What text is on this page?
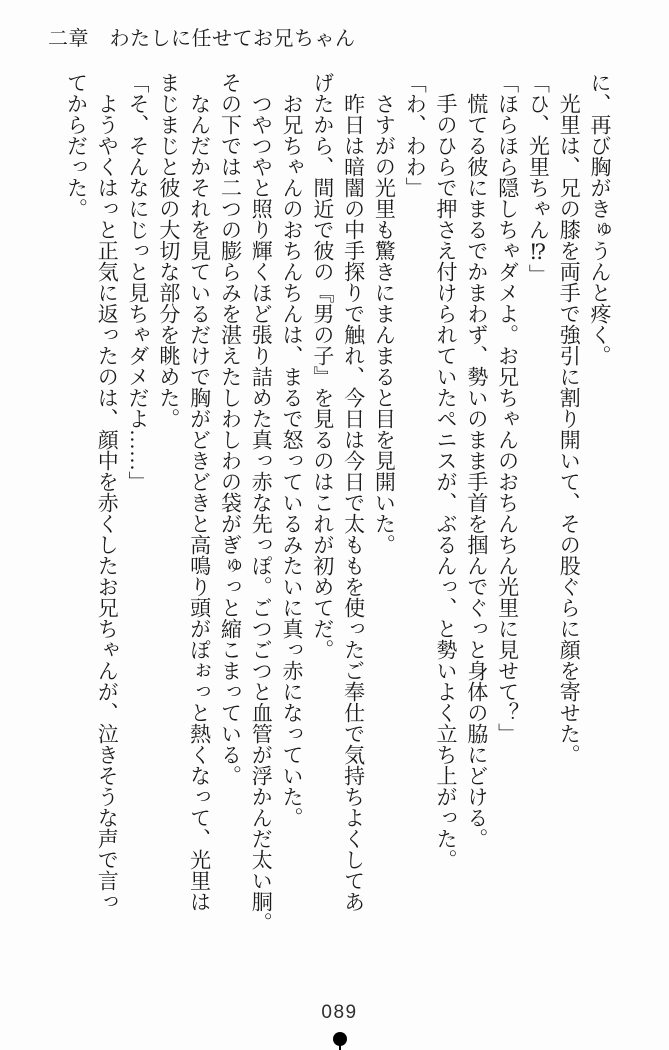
二章　わたしに任せてお兄ちゃん
に、再び胸がきゅうんと疼く。
　光里は、兄の膝を両手で強引に割り開いて、その股ぐらに顔を寄せた。
「ひ、光里ちゃん⁉」
「ほらほら隠しちゃダメよ。お兄ちゃんのおちんちん光里に見せて？」
　慌てる彼にまるでかまわず、勢いのまま手首を掴んでぐっと身体の脇にどける。
　手のひらで押さえ付けられていたペニスが、ぶるんっ、と勢いよく立ち上がった。
「わ、わわ」
　さすがの光里も驚きにまんまると目を見開いた。
　昨日は暗闇の中手探りで触れ、今日は今日で太ももを使ったご奉仕で気持ちよくしてあ
げたから、間近で彼の『男の子』を見るのはこれが初めてだ。
　お兄ちゃんのおちんちんは、まるで怒っているみたいに真っ赤になっていた。
　つやつやと照り輝くほど張り詰めた真っ赤な先っぽ。ごつごつと血管が浮かんだ太い胴。
その下では二つの膨らみを湛えたしわしわの袋がぎゅっと縮こまっている。
　なんだかそれを見ているだけで胸がどきどきと高鳴り頭がぽぉっと熱くなって、光里は
まじまじと彼の大切な部分を眺めた。
「そ、そんなにじっと見ちゃダメだよ……」
　ようやくはっと正気に返ったのは、顔中を赤くしたお兄ちゃんが、泣きそうな声で言っ
てからだった。
089
